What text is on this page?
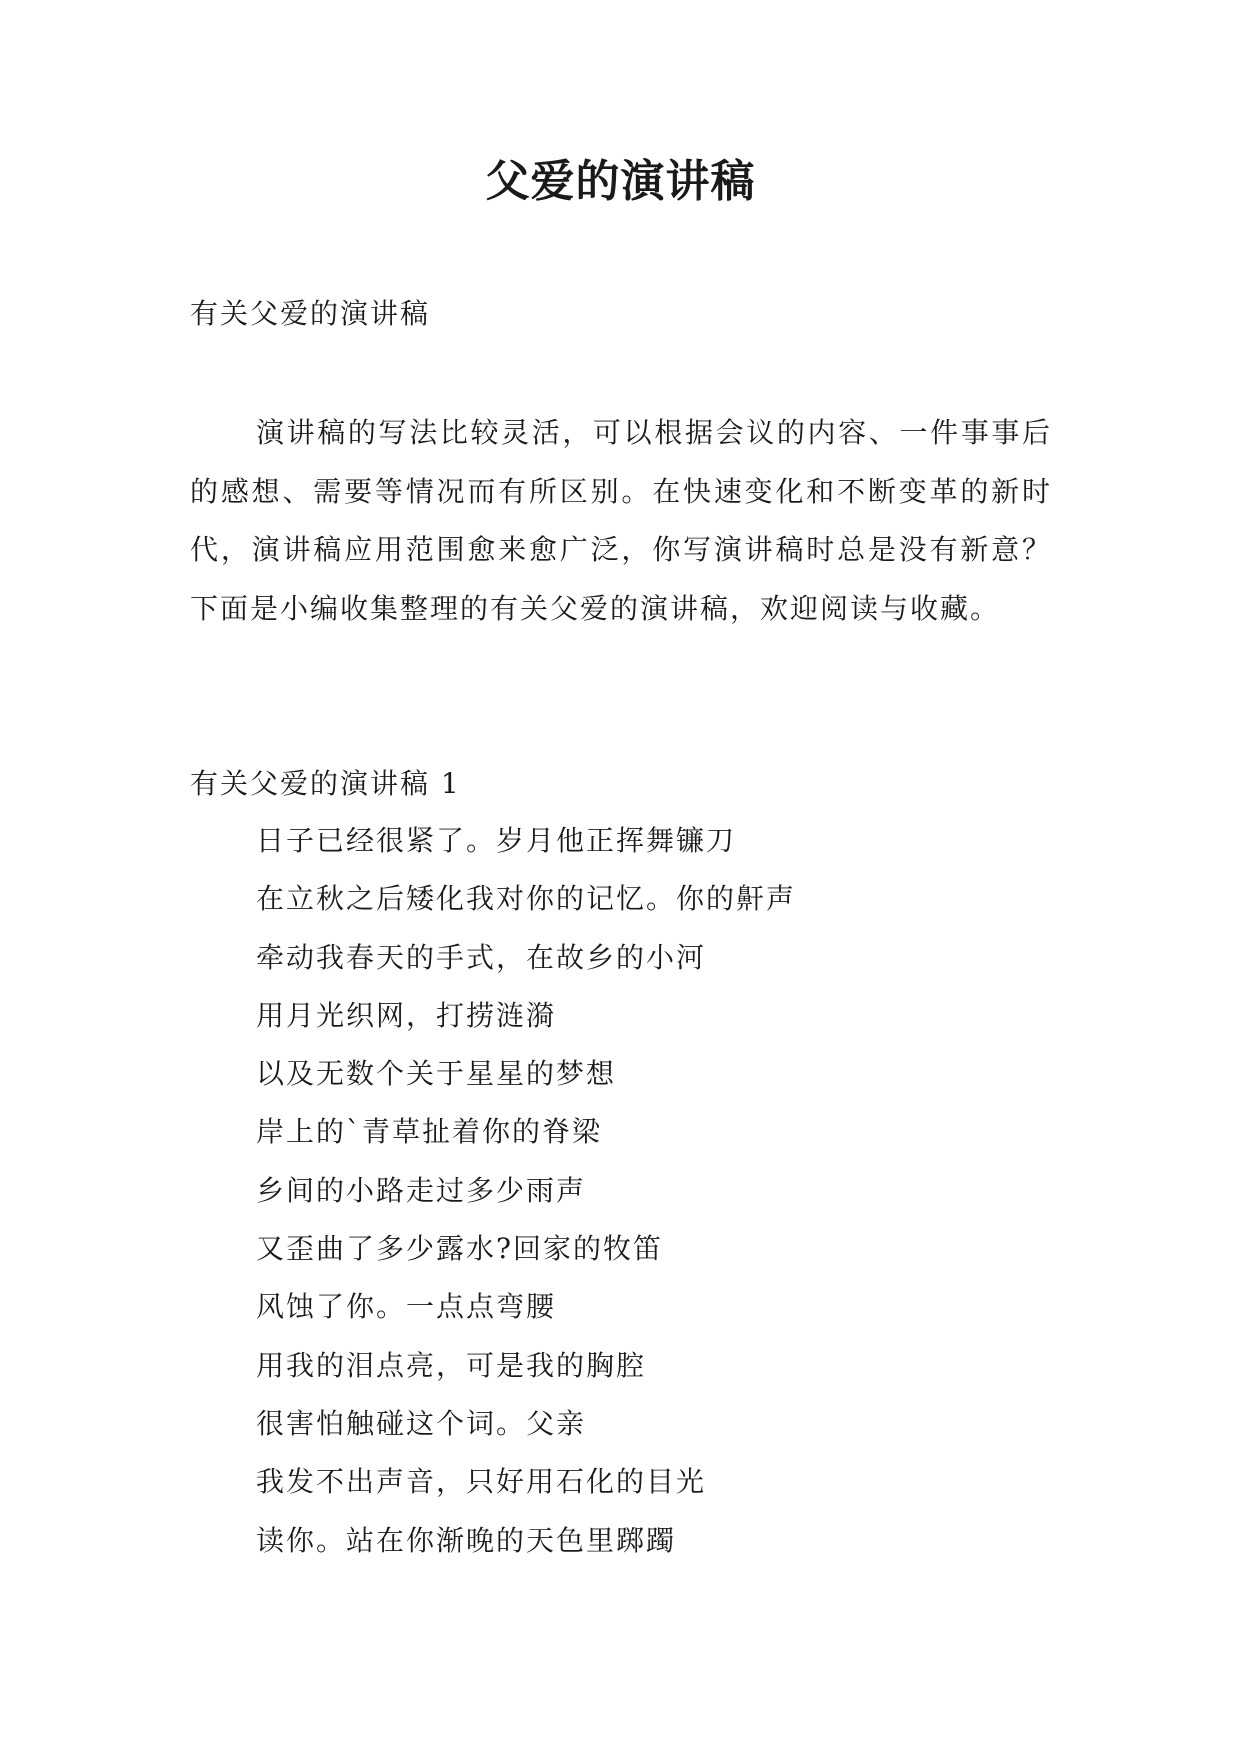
父爱的演讲稿

有关父爱的演讲稿

演讲稿的写法比较灵活，可以根据会议的内容、一件事事后的感想、需要等情况而有所区别。在快速变化和不断变革的新时代，演讲稿应用范围愈来愈广泛，你写演讲稿时总是没有新意？下面是小编收集整理的有关父爱的演讲稿，欢迎阅读与收藏。

有关父爱的演讲稿 1

日子已经很紧了。岁月他正挥舞镰刀
在立秋之后矮化我对你的记忆。你的鼾声
牵动我春天的手式，在故乡的小河
用月光织网，打捞涟漪
以及无数个关于星星的梦想
岸上的`青草扯着你的脊梁
乡间的小路走过多少雨声
又歪曲了多少露水?回家的牧笛
风蚀了你。一点点弯腰
用我的泪点亮，可是我的胸腔
很害怕触碰这个词。父亲
我发不出声音，只好用石化的目光
读你。站在你渐晚的天色里踯躅
